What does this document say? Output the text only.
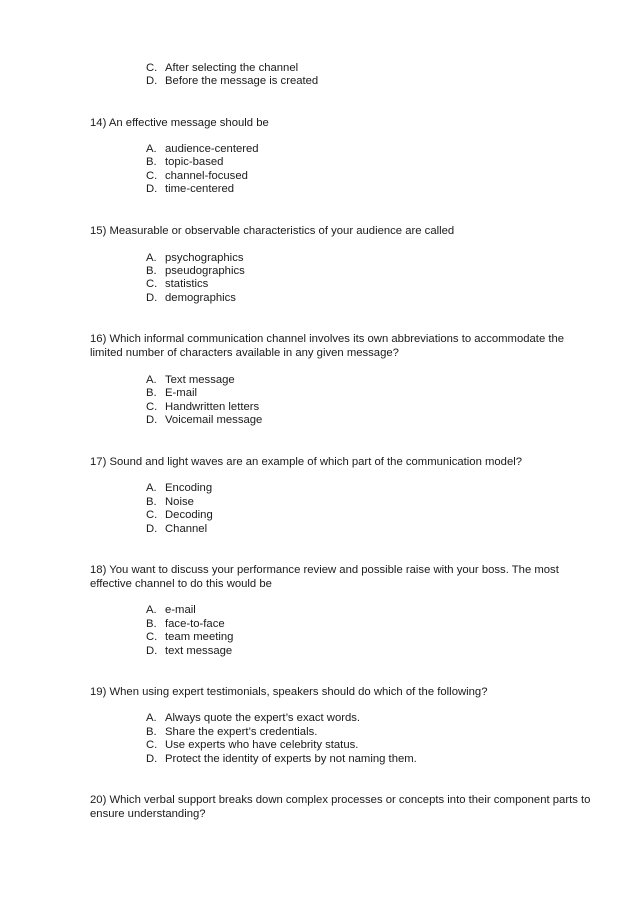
C. After selecting the channel
D. Before the message is created

14) An effective message should be

A. audience-centered
B. topic-based
C. channel-focused
D. time-centered

15) Measurable or observable characteristics of your audience are called

A. psychographics
B. pseudographics
C. statistics
D. demographics

16) Which informal communication channel involves its own abbreviations to accommodate the limited number of characters available in any given message?

A. Text message
B. E-mail
C. Handwritten letters
D. Voicemail message

17) Sound and light waves are an example of which part of the communication model?

A. Encoding
B. Noise
C. Decoding
D. Channel

18) You want to discuss your performance review and possible raise with your boss. The most effective channel to do this would be

A. e-mail
B. face-to-face
C. team meeting
D. text message

19) When using expert testimonials, speakers should do which of the following?

A. Always quote the expert’s exact words.
B. Share the expert’s credentials.
C. Use experts who have celebrity status.
D. Protect the identity of experts by not naming them.

20) Which verbal support breaks down complex processes or concepts into their component parts to ensure understanding?
